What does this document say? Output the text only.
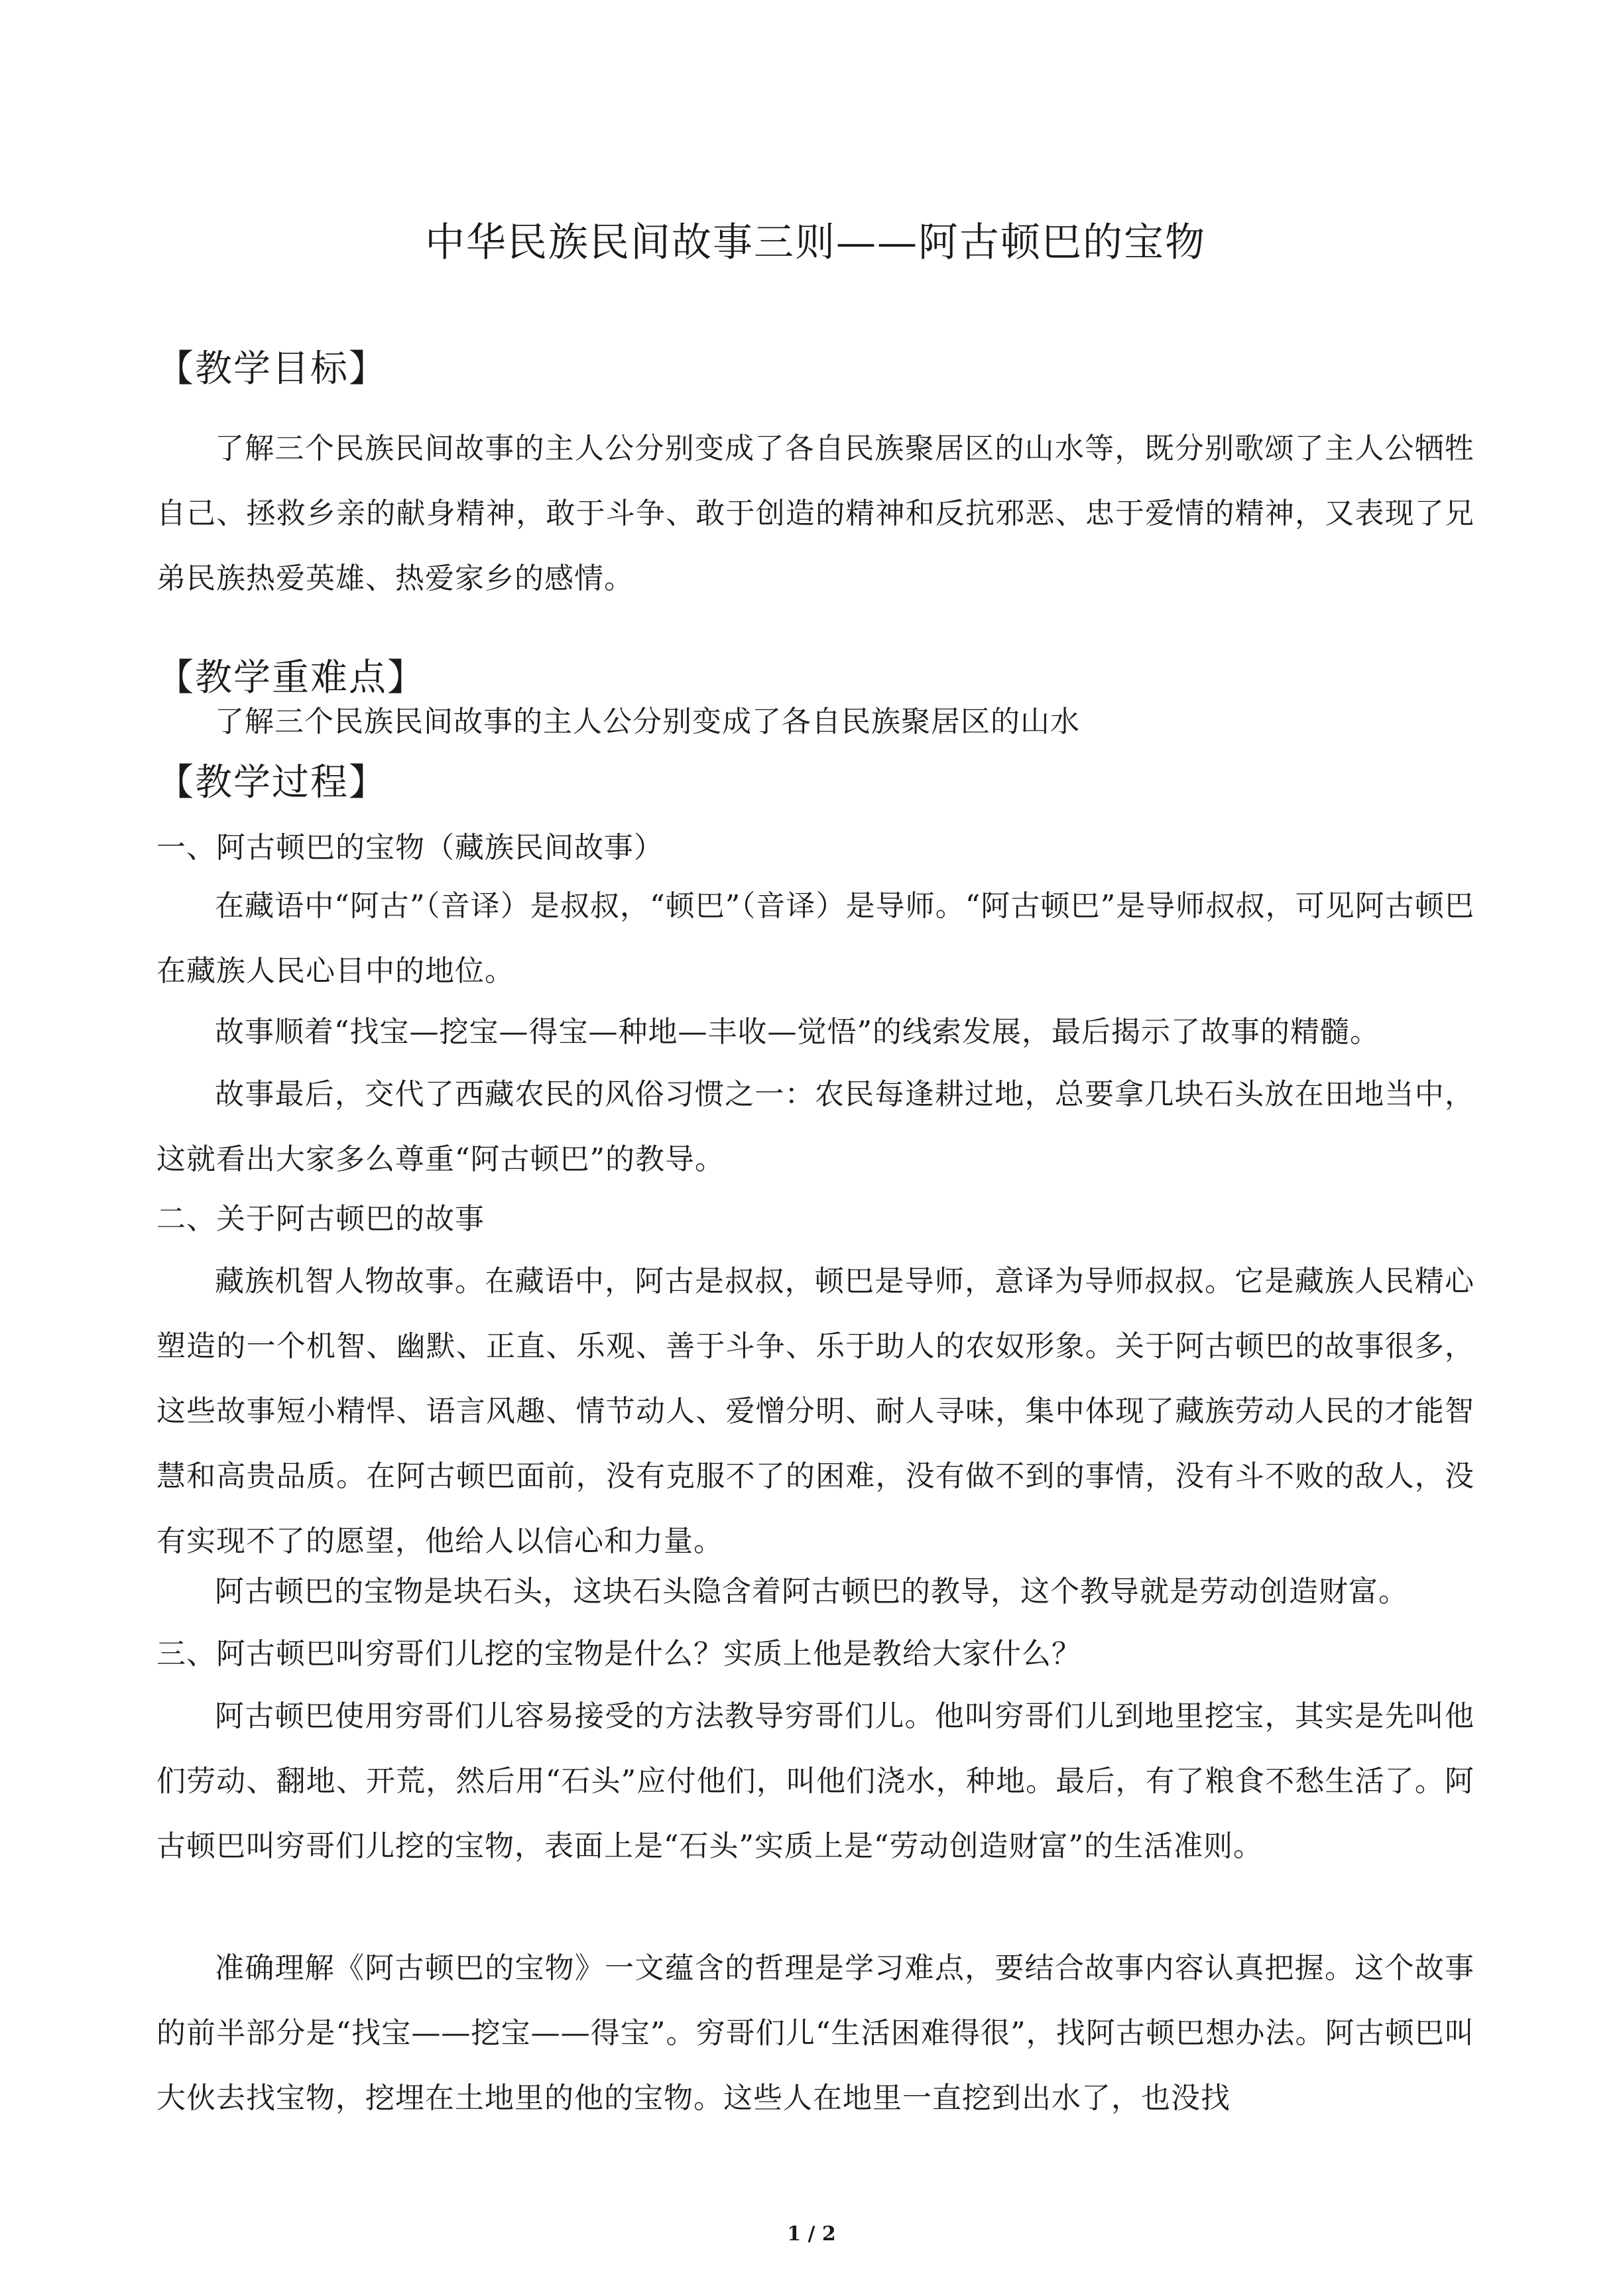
中华民族民间故事三则——阿古顿巴的宝物
【教学目标】

了解三个民族民间故事的主人公分别变成了各自民族聚居区的山水等，既分别歌颂了主人公牺牲自己、拯救乡亲的献身精神，敢于斗争、敢于创造的精神和反抗邪恶、忠于爱情的精神，又表现了兄弟民族热爱英雄、热爱家乡的感情。

【教学重难点】

了解三个民族民间故事的主人公分别变成了各自民族聚居区的山水

【教学过程】

一、阿古顿巴的宝物（藏族民间故事）

在藏语中“阿古”（音译）是叔叔，“顿巴”（音译）是导师。“阿古顿巴”是导师叔叔，可见阿古顿巴在藏族人民心目中的地位。

故事顺着“找宝—挖宝—得宝—种地—丰收—觉悟”的线索发展，最后揭示了故事的精髓。

故事最后，交代了西藏农民的风俗习惯之一：农民每逢耕过地，总要拿几块石头放在田地当中，这就看出大家多么尊重“阿古顿巴”的教导。

二、关于阿古顿巴的故事

藏族机智人物故事。在藏语中，阿古是叔叔，顿巴是导师，意译为导师叔叔。它是藏族人民精心塑造的一个机智、幽默、正直、乐观、善于斗争、乐于助人的农奴形象。关于阿古顿巴的故事很多，这些故事短小精悍、语言风趣、情节动人、爱憎分明、耐人寻味，集中体现了藏族劳动人民的才能智慧和高贵品质。在阿古顿巴面前，没有克服不了的困难，没有做不到的事情，没有斗不败的敌人，没有实现不了的愿望，他给人以信心和力量。

阿古顿巴的宝物是块石头，这块石头隐含着阿古顿巴的教导，这个教导就是劳动创造财富。

三、阿古顿巴叫穷哥们儿挖的宝物是什么？实质上他是教给大家什么？

阿古顿巴使用穷哥们儿容易接受的方法教导穷哥们儿。他叫穷哥们儿到地里挖宝，其实是先叫他们劳动、翻地、开荒，然后用“石头”应付他们，叫他们浇水，种地。最后，有了粮食不愁生活了。阿古顿巴叫穷哥们儿挖的宝物，表面上是“石头”实质上是“劳动创造财富”的生活准则。

准确理解《阿古顿巴的宝物》一文蕴含的哲理是学习难点，要结合故事内容认真把握。这个故事的前半部分是“找宝——挖宝——得宝”。穷哥们儿“生活困难得很”，找阿古顿巴想办法。阿古顿巴叫大伙去找宝物，挖埋在土地里的他的宝物。这些人在地里一直挖到出水了，也没找

1 / 2
